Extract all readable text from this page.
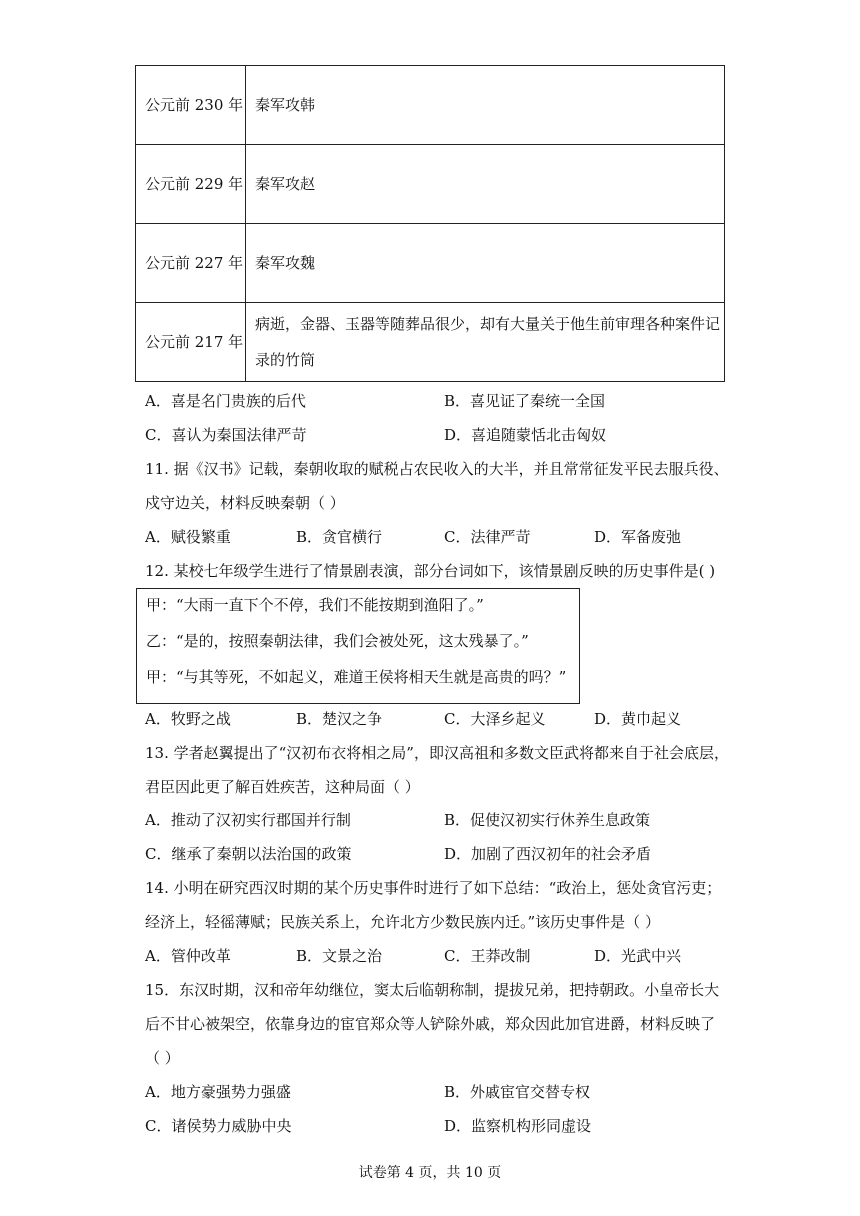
公元前 230 年	秦军攻韩
公元前 229 年	秦军攻赵
公元前 227 年	秦军攻魏
公元前 217 年	病逝，金器、玉器等随葬品很少，却有大量关于他生前审理各种案件记录的竹筒
A．喜是名门贵族的后代	B．喜见证了秦统一全国
C．喜认为秦国法律严苛	D．喜追随蒙恬北击匈奴
11. 据《汉书》记载，秦朝收取的赋税占农民收入的大半，并且常常征发平民去服兵役、
戍守边关，材料反映秦朝（ ）
A．赋役繁重	B．贪官横行	C．法律严苛	D．军备废弛
12. 某校七年级学生进行了情景剧表演，部分台词如下，该情景剧反映的历史事件是( )
甲：“大雨一直下个不停，我们不能按期到渔阳了。”
乙：“是的，按照秦朝法律，我们会被处死，这太残暴了。”
甲：“与其等死，不如起义，难道王侯将相天生就是高贵的吗？”
A．牧野之战	B．楚汉之争	C．大泽乡起义	D．黄巾起义
13. 学者赵翼提出了“汉初布衣将相之局”，即汉高祖和多数文臣武将都来自于社会底层，
君臣因此更了解百姓疾苦，这种局面（ ）
A．推动了汉初实行郡国并行制	B．促使汉初实行休养生息政策
C．继承了秦朝以法治国的政策	D．加剧了西汉初年的社会矛盾
14. 小明在研究西汉时期的某个历史事件时进行了如下总结：“政治上，惩处贪官污吏；
经济上，轻徭薄赋；民族关系上，允许北方少数民族内迁。”该历史事件是（ ）
A．管仲改革	B．文景之治	C．王莽改制	D．光武中兴
15．东汉时期，汉和帝年幼继位，窦太后临朝称制，提拔兄弟，把持朝政。小皇帝长大
后不甘心被架空，依靠身边的宦官郑众等人铲除外戚，郑众因此加官进爵，材料反映了
（ ）
A．地方豪强势力强盛	B．外戚宦官交替专权
C．诸侯势力威胁中央	D．监察机构形同虚设
试卷第 4 页，共 10 页
